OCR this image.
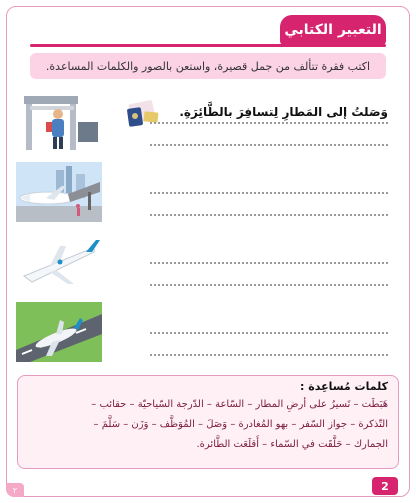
التعبير الكتابي
اكتب فقرة تتألف من جمل قصيرة، واستعن بالصور والكلمات المساعدة.
وَصَلتُ إلى المَطارِ لِتسافِرَ بالطَّائِرَةِ.
كلمات مُساعِدة :
هَبَطَت – تَسيرُ على أرضِ المطار – السّاعة – الدّرجة السّياحيّة – حقائب –
التّذكرة – جواز السّفر – بهو المُغادرة – وَصَلَ – المُوَظَّف – وَزَن – سَلَّمَ –
الجمارك – حَلَّقَت في السّماء – أَقلَعَت الطَّائرة.
2
٢
